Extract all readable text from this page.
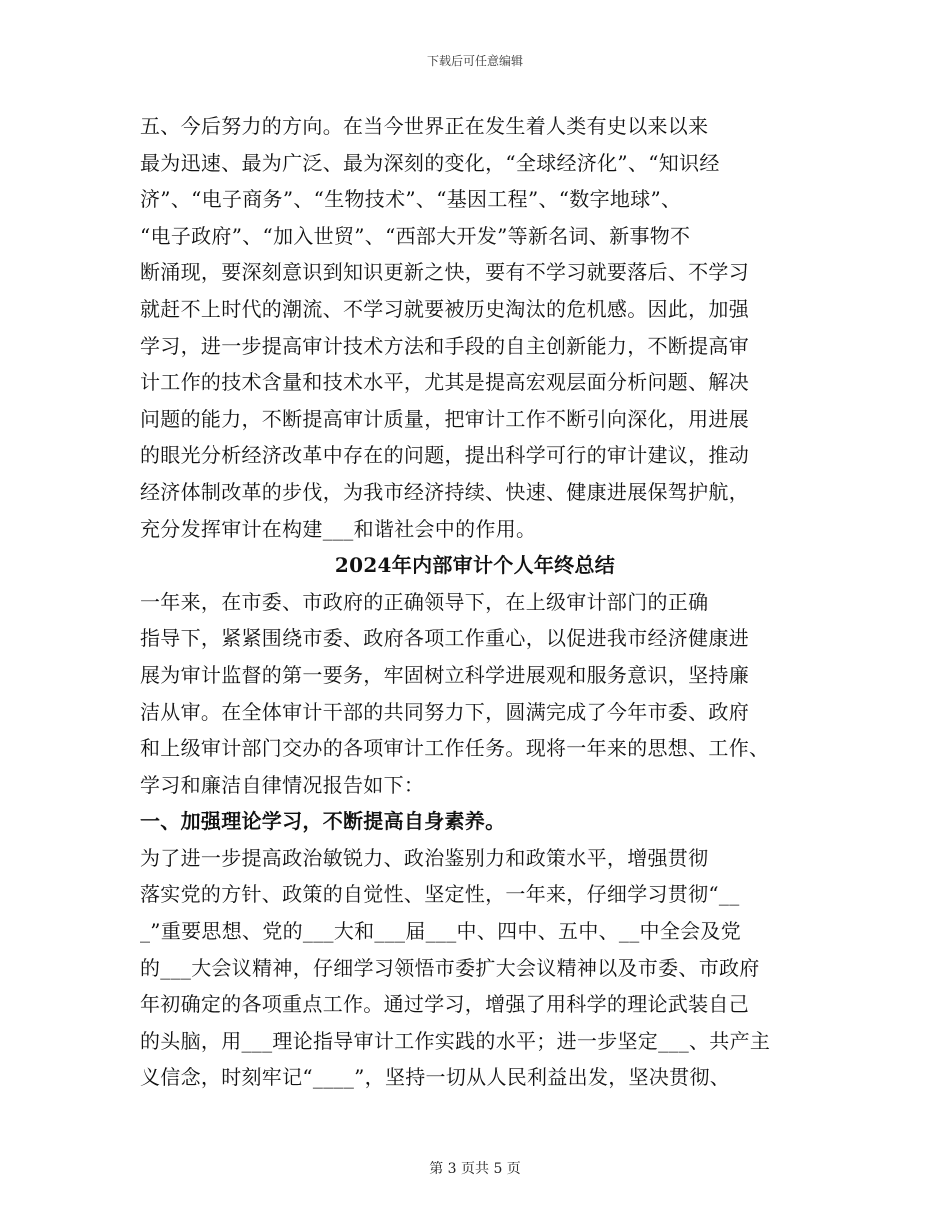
下载后可任意编辑
五、今后努力的方向。在当今世界正在发生着人类有史以来以来
最为迅速、最为广泛、最为深刻的变化，“全球经济化”、“知识经
济”、“电子商务”、“生物技术”、“基因工程”、“数字地球”、
“电子政府”、“加入世贸”、“西部大开发”等新名词、新事物不
断涌现，要深刻意识到知识更新之快，要有不学习就要落后、不学习
就赶不上时代的潮流、不学习就要被历史淘汰的危机感。因此，加强
学习，进一步提高审计技术方法和手段的自主创新能力，不断提高审
计工作的技术含量和技术水平，尤其是提高宏观层面分析问题、解决
问题的能力，不断提高审计质量，把审计工作不断引向深化，用进展
的眼光分析经济改革中存在的问题，提出科学可行的审计建议，推动
经济体制改革的步伐，为我市经济持续、快速、健康进展保驾护航，
充分发挥审计在构建___和谐社会中的作用。
2024年内部审计个人年终总结
一年来，在市委、市政府的正确领导下，在上级审计部门的正确
指导下，紧紧围绕市委、政府各项工作重心，以促进我市经济健康进
展为审计监督的第一要务，牢固树立科学进展观和服务意识，坚持廉
洁从审。在全体审计干部的共同努力下，圆满完成了今年市委、政府
和上级审计部门交办的各项审计工作任务。现将一年来的思想、工作、
学习和廉洁自律情况报告如下：
一、加强理论学习，不断提高自身素养。
为了进一步提高政治敏锐力、政治鉴别力和政策水平，增强贯彻
落实党的方针、政策的自觉性、坚定性，一年来，仔细学习贯彻“__
_”重要思想、党的___大和___届___中、四中、五中、__中全会及党
的___大会议精神，仔细学习领悟市委扩大会议精神以及市委、市政府
年初确定的各项重点工作。通过学习，增强了用科学的理论武装自己
的头脑，用___理论指导审计工作实践的水平；进一步坚定___、共产主
义信念，时刻牢记“____”，坚持一切从人民利益出发，坚决贯彻、
第 3 页共 5 页
